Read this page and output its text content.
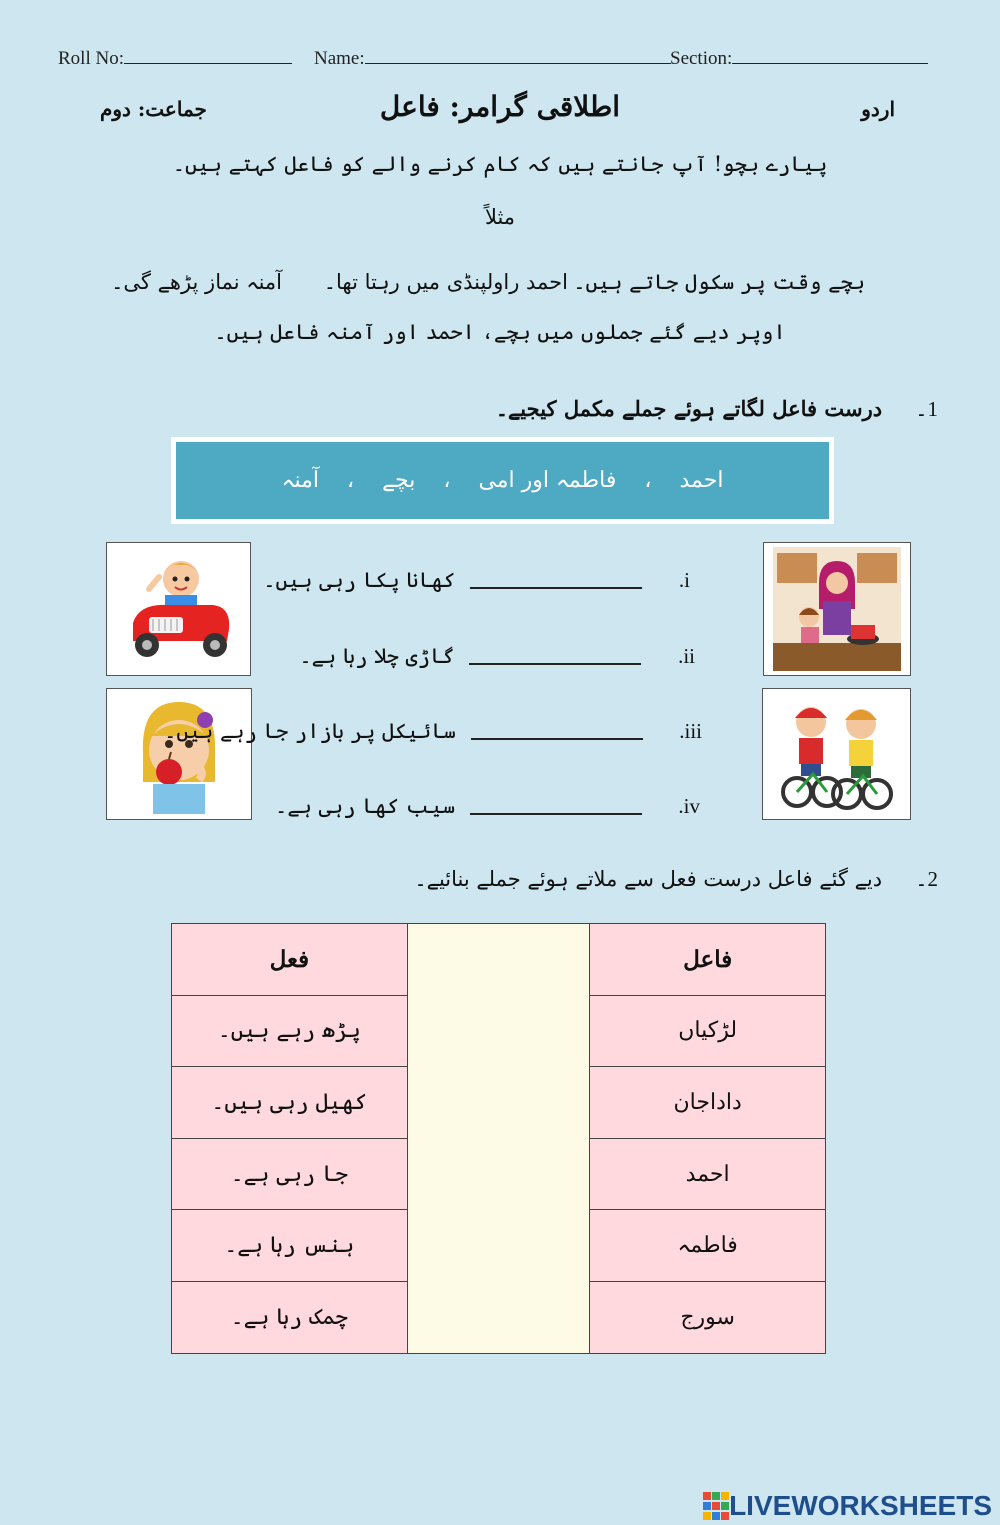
Roll No:	Name:	Section:
اردو
اطلاقی گرامر: فاعل
جماعت: دوم
پیارے بچو! آپ جانتے ہیں کہ کام کرنے والے کو فاعل کہتے ہیں۔
مثلاً
بچے وقت پر سکول جاتے ہیں۔
احمد راولپنڈی میں رہتا تھا۔
آمنہ نماز پڑھے گی۔
اوپر دیے گئے جملوں میں بچے، احمد اور آمنہ فاعل ہیں۔
1۔ درست فاعل لگاتے ہوئے جملے مکمل کیجیے۔
احمد
،
فاطمہ اور امی
،
بچے
،
آمنہ
i.  کھانا پکا رہی ہیں۔
ii.  گاڑی چلا رہا ہے۔
iii.  سائیکل پر بازار جا رہے ہیں۔
iv.  سیب کھا رہی ہے۔
2۔ دیے گئے فاعل درست فعل سے ملاتے ہوئے جملے بنائیے۔
فعل		فاعل
پڑھ رہے ہیں۔		لڑکیاں
کھیل رہی ہیں۔		داداجان
جا رہی ہے۔		احمد
ہنس رہا ہے۔		فاطمہ
چمک رہا ہے۔		سورج
LIVEWORKSHEETS
